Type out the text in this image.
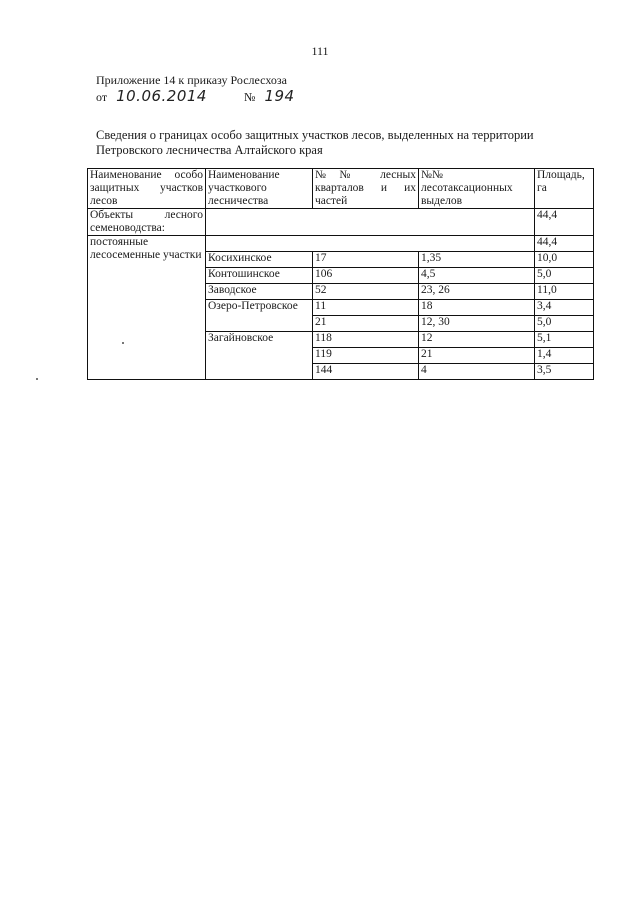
111
Приложение 14 к приказу Рослесхоза
от 10.06.2014	№ 194
Сведения о границах особо защитных участков лесов, выделенных на территории Петровского лесничества Алтайского края
Наименование особо защитных участков лесов	Наименование участкового лесничества	№№ лесных кварталов и их частей	№№ лесотаксационных выделов	Площадь, га
Объекты лесного семеноводства:				44,4
постоянные лесосеменные участки				44,4
	Косихинское	17	1,35	10,0
	Контошинское	106	4,5	5,0
	Заводское	52	23, 26	11,0
	Озеро-Петровское	11	18	3,4
		21	12, 30	5,0
	Загайновское	118	12	5,1
		119	21	1,4
		144	4	3,5
